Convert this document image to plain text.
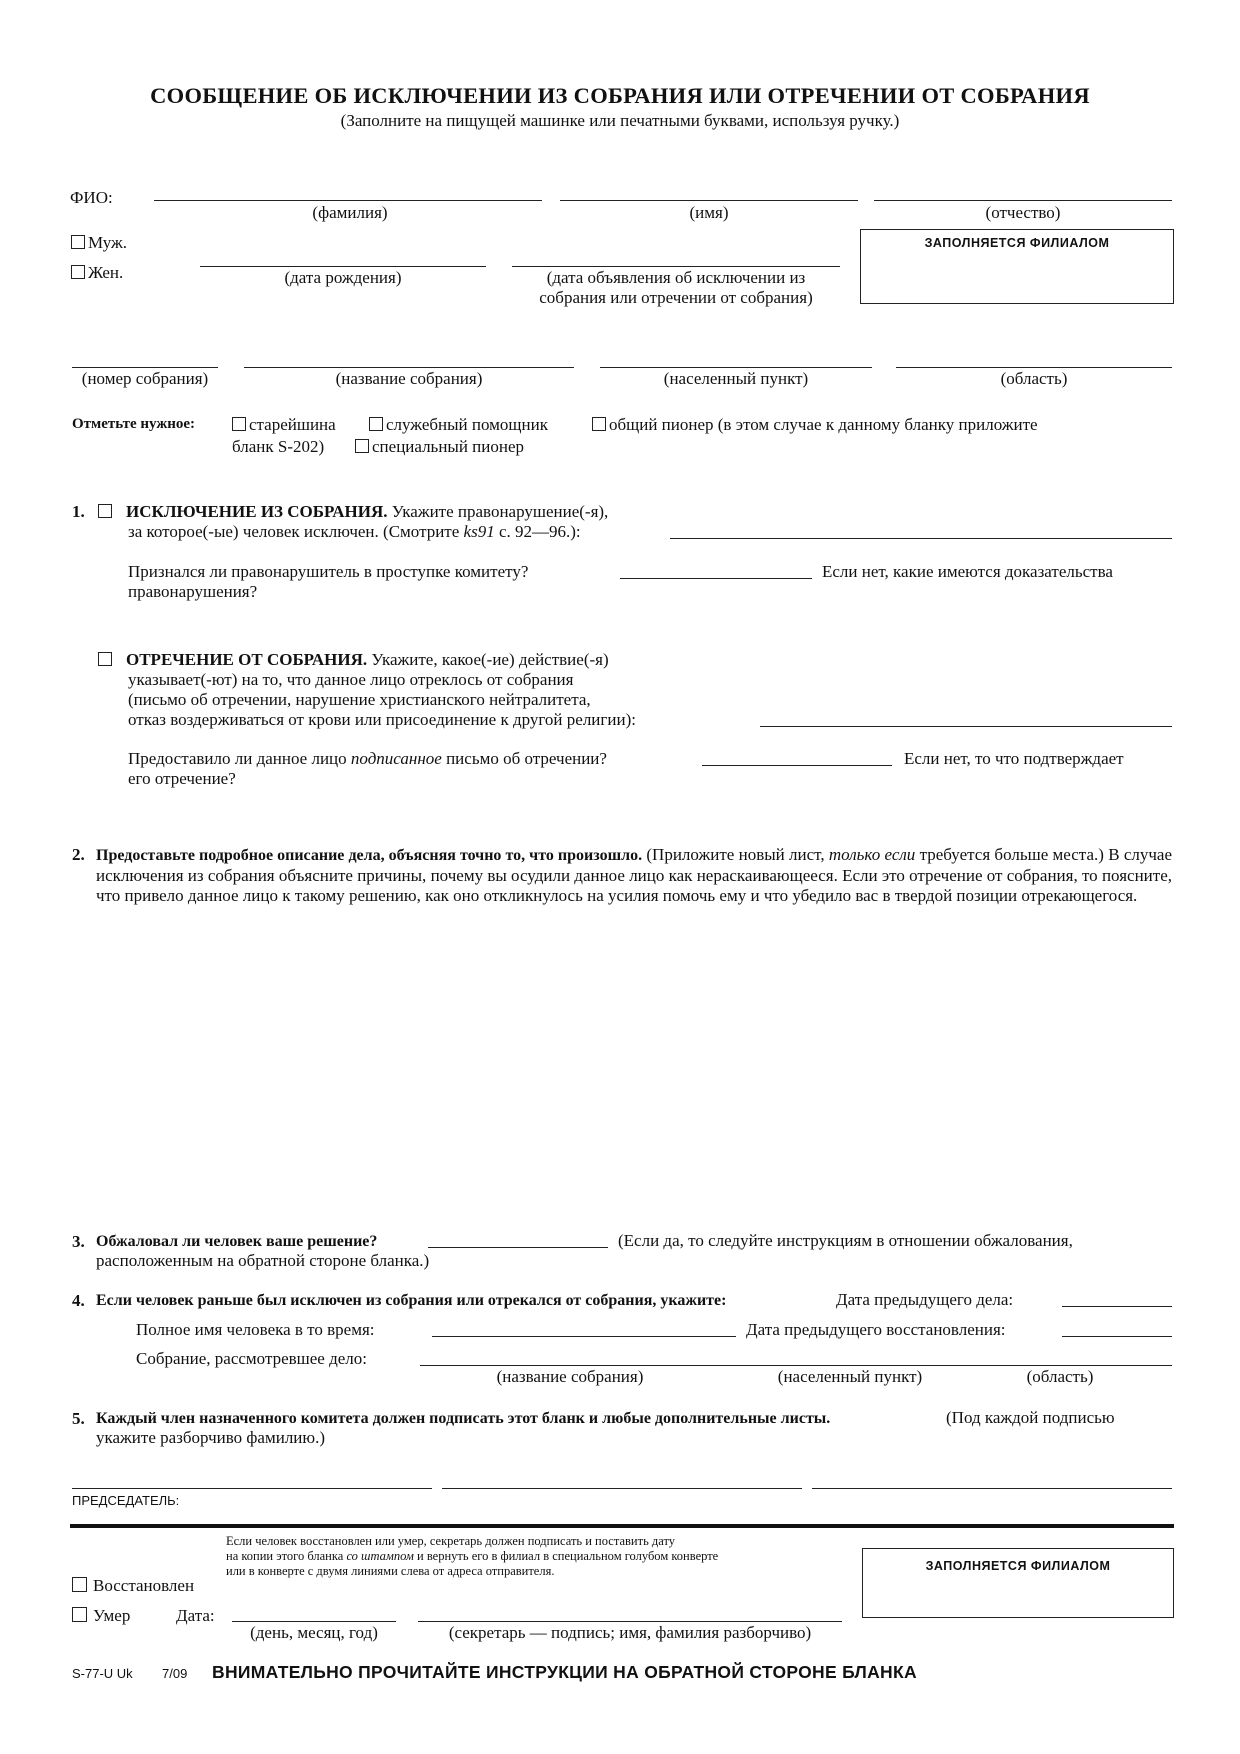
СООБЩЕНИЕ ОБ ИСКЛЮЧЕНИИ ИЗ СОБРАНИЯ ИЛИ ОТРЕЧЕНИИ ОТ СОБРАНИЯ
(Заполните на пищущей машинке или печатными буквами, используя ручку.)
ФИО:
(фамилия)	(имя)	(отчество)
Муж.
Жен.	(дата рождения)	(дата объявления об исключении из
собрания или отречении от собрания)
ЗАПОЛНЯЕТСЯ ФИЛИАЛОМ
(номер собрания)	(название собрания)	(населенный пункт)	(область)
Отметьте нужное:	старейшина	служебный помощник	общий пионер (в этом случае к данному бланку приложите
бланк S-202)	специальный пионер
1.	ИСКЛЮЧЕНИЕ ИЗ СОБРАНИЯ. Укажите правонарушение(-я),
за которое(-ые) человек исключен. (Смотрите ks91 с. 92—96.):
Признался ли правонарушитель в проступке комитету?	Если нет, какие имеются доказательства
правонарушения?
ОТРЕЧЕНИЕ ОТ СОБРАНИЯ. Укажите, какое(-ие) действие(-я)
указывает(-ют) на то, что данное лицо отреклось от собрания
(письмо об отречении, нарушение христианского нейтралитета,
отказ воздерживаться от крови или присоединение к другой религии):
Предоставило ли данное лицо подписанное письмо об отречении?	Если нет, то что подтверждает
его отречение?
2. Предоставьте подробное описание дела, объясняя точно то, что произошло. (Приложите новый лист, только если требуется больше места.) В случае исключения из собрания объясните причины, почему вы осудили данное лицо как нераскаивающееся. Если это отречение от собрания, то поясните, что привело данное лицо к такому решению, как оно откликнулось на усилия помочь ему и что убедило вас в твердой позиции отрекающегося.
3. Обжаловал ли человек ваше решение?	(Если да, то следуйте инструкциям в отношении обжалования,
расположенным на обратной стороне бланка.)
4. Если человек раньше был исключен из собрания или отрекался от собрания, укажите:	Дата предыдущего дела:
Полное имя человека в то время:	Дата предыдущего восстановления:
Собрание, рассмотревшее дело:
(название собрания)	(населенный пункт)	(область)
5. Каждый член назначенного комитета должен подписать этот бланк и любые дополнительные листы.	(Под каждой подписью
укажите разборчиво фамилию.)
ПРЕДСЕДАТЕЛЬ:
Если человек восстановлен или умер, секретарь должен подписать и поставить дату
на копии этого бланка со штампом и вернуть его в филиал в специальном голубом конверте
или в конверте с двумя линиями слева от адреса отправителя.
Восстановлен
Умер	Дата:
(день, месяц, год)	(секретарь — подпись; имя, фамилия разборчиво)
ЗАПОЛНЯЕТСЯ ФИЛИАЛОМ
S-77-U Uk 7/09 ВНИМАТЕЛЬНО ПРОЧИТАЙТЕ ИНСТРУКЦИИ НА ОБРАТНОЙ СТОРОНЕ БЛАНКА
